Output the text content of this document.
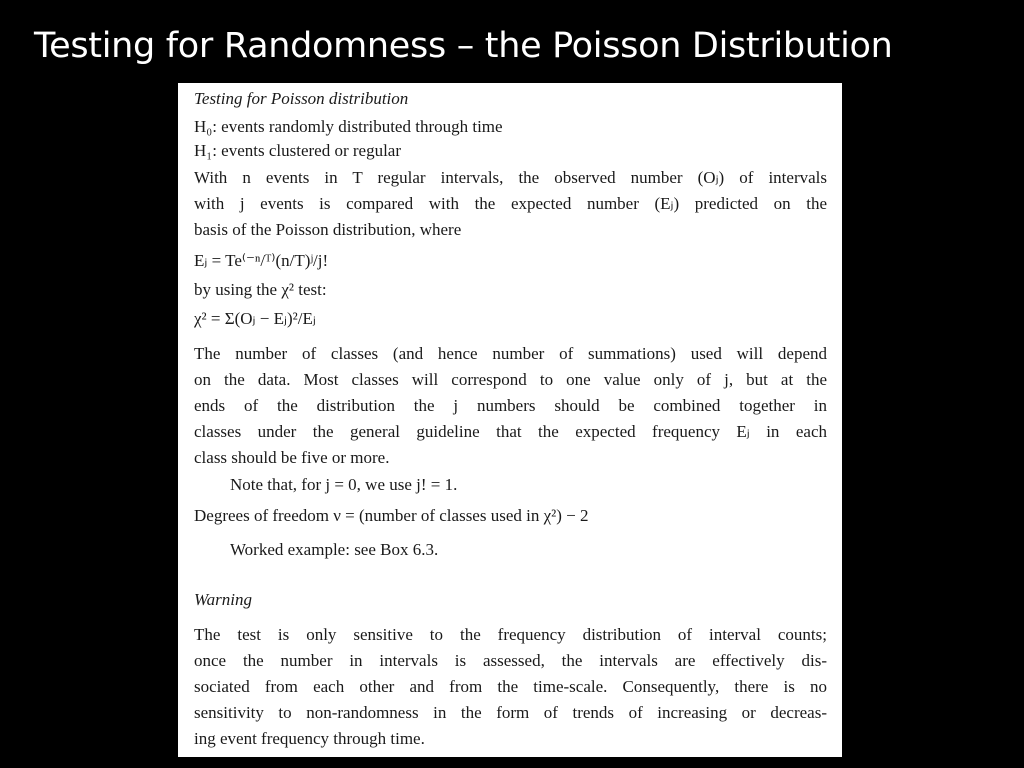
Testing for Randomness – the Poisson Distribution
Testing for Poisson distribution
H₀: events randomly distributed through time
H₁: events clustered or regular
With n events in T regular intervals, the observed number (Oⱼ) of intervals
with j events is compared with the expected number (Eⱼ) predicted on the
basis of the Poisson distribution, where
Eⱼ = Te⁽⁻ⁿ/ᵀ⁾(n/T)ʲ/j!
by using the χ² test:
χ² = Σ(Oⱼ − Eⱼ)²/Eⱼ
The number of classes (and hence number of summations) used will depend
on the data. Most classes will correspond to one value only of j, but at the
ends of the distribution the j numbers should be combined together in
classes under the general guideline that the expected frequency Eⱼ in each
class should be five or more.
Note that, for j = 0, we use j! = 1.
Degrees of freedom ν = (number of classes used in χ²) − 2
Worked example: see Box 6.3.
Warning
The test is only sensitive to the frequency distribution of interval counts;
once the number in intervals is assessed, the intervals are effectively dis-
sociated from each other and from the time-scale. Consequently, there is no
sensitivity to non-randomness in the form of trends of increasing or decreas-
ing event frequency through time.
